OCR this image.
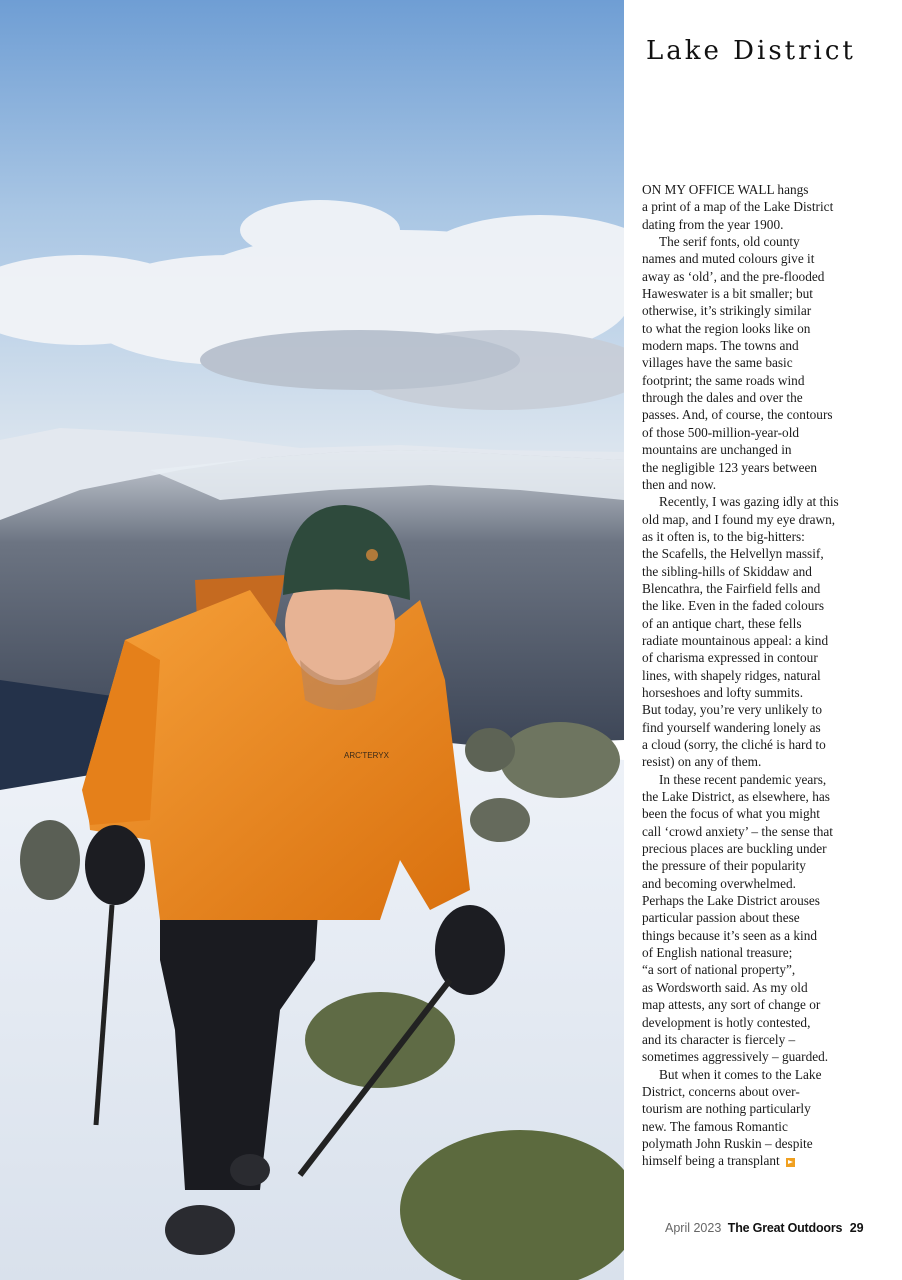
ARC'TERYX
Lake District
ON MY OFFICE WALL hangs
a print of a map of the Lake District
dating from the year 1900.
The serif fonts, old county
names and muted colours give it
away as ‘old’, and the pre-flooded
Haweswater is a bit smaller; but
otherwise, it’s strikingly similar
to what the region looks like on
modern maps. The towns and
villages have the same basic
footprint; the same roads wind
through the dales and over the
passes. And, of course, the contours
of those 500-million-year-old
mountains are unchanged in
the negligible 123 years between
then and now.
Recently, I was gazing idly at this
old map, and I found my eye drawn,
as it often is, to the big-hitters:
the Scafells, the Helvellyn massif,
the sibling-hills of Skiddaw and
Blencathra, the Fairfield fells and
the like. Even in the faded colours
of an antique chart, these fells
radiate mountainous appeal: a kind
of charisma expressed in contour
lines, with shapely ridges, natural
horseshoes and lofty summits.
But today, you’re very unlikely to
find yourself wandering lonely as
a cloud (sorry, the cliché is hard to
resist) on any of them.
In these recent pandemic years,
the Lake District, as elsewhere, has
been the focus of what you might
call ‘crowd anxiety’ – the sense that
precious places are buckling under
the pressure of their popularity
and becoming overwhelmed.
Perhaps the Lake District arouses
particular passion about these
things because it’s seen as a kind
of English national treasure;
“a sort of national property”,
as Wordsworth said. As my old
map attests, any sort of change or
development is hotly contested,
and its character is fiercely –
sometimes aggressively – guarded.
But when it comes to the Lake
District, concerns about over-
tourism are nothing particularly
new. The famous Romantic
polymath John Ruskin – despite
himself being a transplant
April 2023 The Great Outdoors 29
